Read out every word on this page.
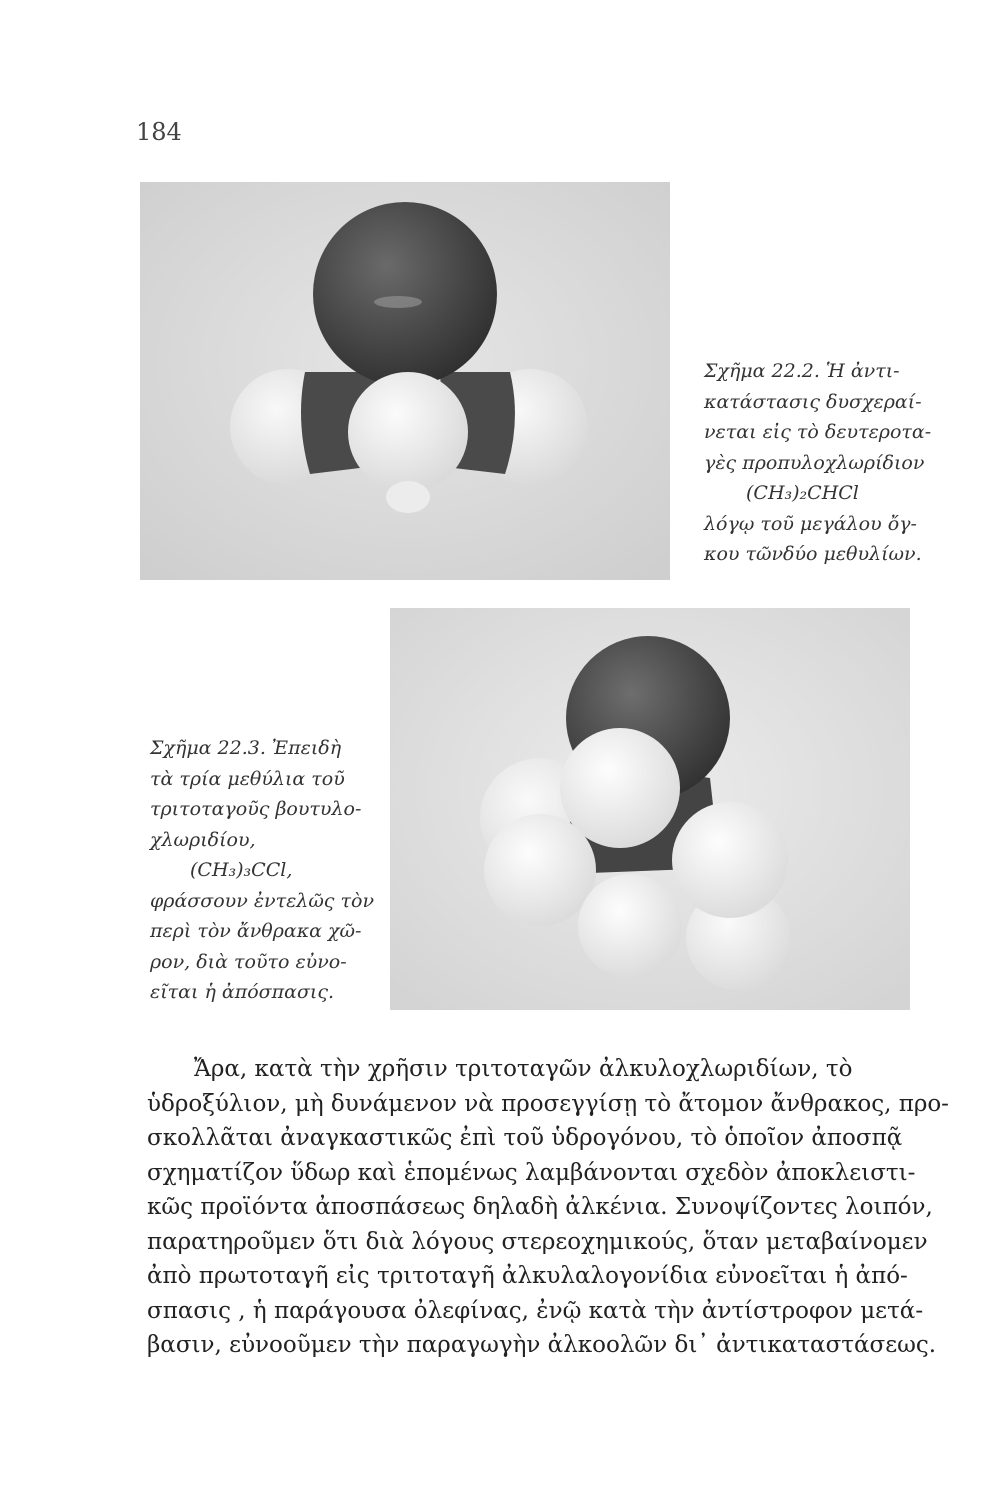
184
Σχῆμα 22.2. Ἡ ἀντι-
κατάστασις δυσχεραί-
νεται εἰς τὸ δευτεροτα-
γὲς προπυλοχλωρίδιον
(CH₃)₂CHCl
λόγῳ τοῦ μεγάλου ὄγ-
κου τῶνδύο μεθυλίων.
Σχῆμα 22.3. Ἐπειδὴ
τὰ τρία μεθύλια τοῦ
τριτοταγοῦς βουτυλο-
χλωριδίου,
(CH₃)₃CCl,
φράσσουν ἐντελῶς τὸν
περὶ τὸν ἄνθρακα χῶ-
ρον, διὰ τοῦτο εὐνο-
εῖται ἡ ἀπόσπασις.
Ἄρα, κατὰ τὴν χρῆσιν τριτοταγῶν ἀλκυλοχλωριδίων, τὸ
ὑδροξύλιον, μὴ δυνάμενον νὰ προσεγγίσῃ τὸ ἄτομον ἄνθρακος, προ-
σκολλᾶται ἀναγκαστικῶς ἐπὶ τοῦ ὑδρογόνου, τὸ ὁποῖον ἀποσπᾷ
σχηματίζον ὕδωρ καὶ ἑπομένως λαμβάνονται σχεδὸν ἀποκλειστι-
κῶς προϊόντα ἀποσπάσεως δηλαδὴ ἀλκένια. Συνοψίζοντες λοιπόν,
παρατηροῦμεν ὅτι διὰ λόγους στερεοχημικούς, ὅταν μεταβαίνομεν
ἀπὸ πρωτοταγῆ εἰς τριτοταγῆ ἀλκυλαλογονίδια εὐνοεῖται ἡ ἀπό-
σπασις , ἡ παράγουσα ὀλεφίνας, ἐνῷ κατὰ τὴν ἀντίστροφον μετά-
βασιν, εὐνοοῦμεν τὴν παραγωγὴν ἀλκοολῶν δι᾿ ἀντικαταστάσεως.
